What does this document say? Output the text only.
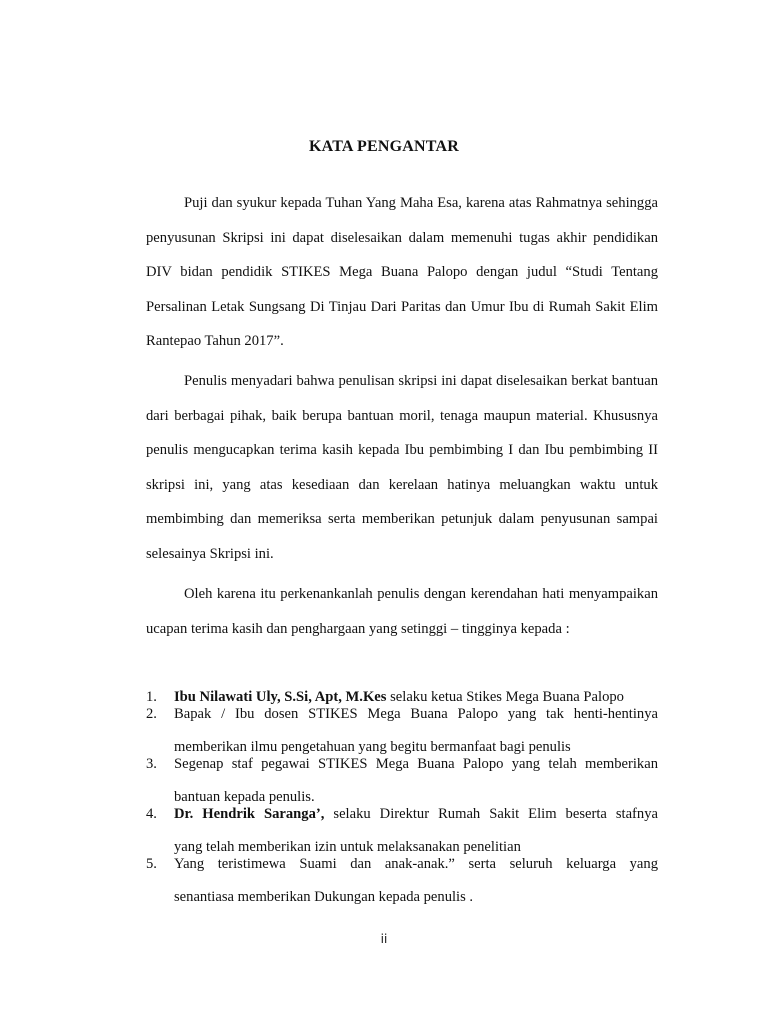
KATA PENGANTAR

Puji dan syukur kepada Tuhan Yang Maha Esa, karena atas Rahmatnya sehingga penyusunan Skripsi ini dapat diselesaikan dalam memenuhi tugas akhir pendidikan DIV bidan pendidik STIKES Mega Buana Palopo dengan judul “Studi Tentang Persalinan Letak Sungsang Di Tinjau Dari Paritas dan Umur Ibu di Rumah Sakit Elim Rantepao Tahun 2017”.

Penulis menyadari bahwa penulisan skripsi ini dapat diselesaikan berkat bantuan dari berbagai pihak, baik berupa bantuan moril, tenaga maupun material. Khususnya penulis mengucapkan terima kasih kepada Ibu pembimbing I dan Ibu pembimbing II skripsi ini, yang atas kesediaan dan kerelaan hatinya meluangkan waktu untuk membimbing dan memeriksa serta memberikan petunjuk dalam penyusunan sampai selesainya Skripsi ini.

Oleh karena itu perkenankanlah penulis dengan kerendahan hati menyampaikan ucapan terima kasih dan penghargaan yang setinggi – tingginya kepada :

1. Ibu Nilawati Uly, S.Si, Apt, M.Kes selaku ketua Stikes Mega Buana Palopo
2. Bapak / Ibu dosen STIKES Mega Buana Palopo yang tak henti-hentinya
memberikan ilmu pengetahuan yang begitu bermanfaat bagi penulis
3. Segenap staf pegawai STIKES Mega Buana Palopo yang telah memberikan
bantuan kepada penulis.
4. Dr. Hendrik Saranga’, selaku Direktur Rumah Sakit Elim beserta stafnya
yang telah memberikan izin untuk melaksanakan penelitian
5. Yang teristimewa Suami dan anak-anak.” serta seluruh keluarga yang
senantiasa memberikan Dukungan kepada penulis .
ii
